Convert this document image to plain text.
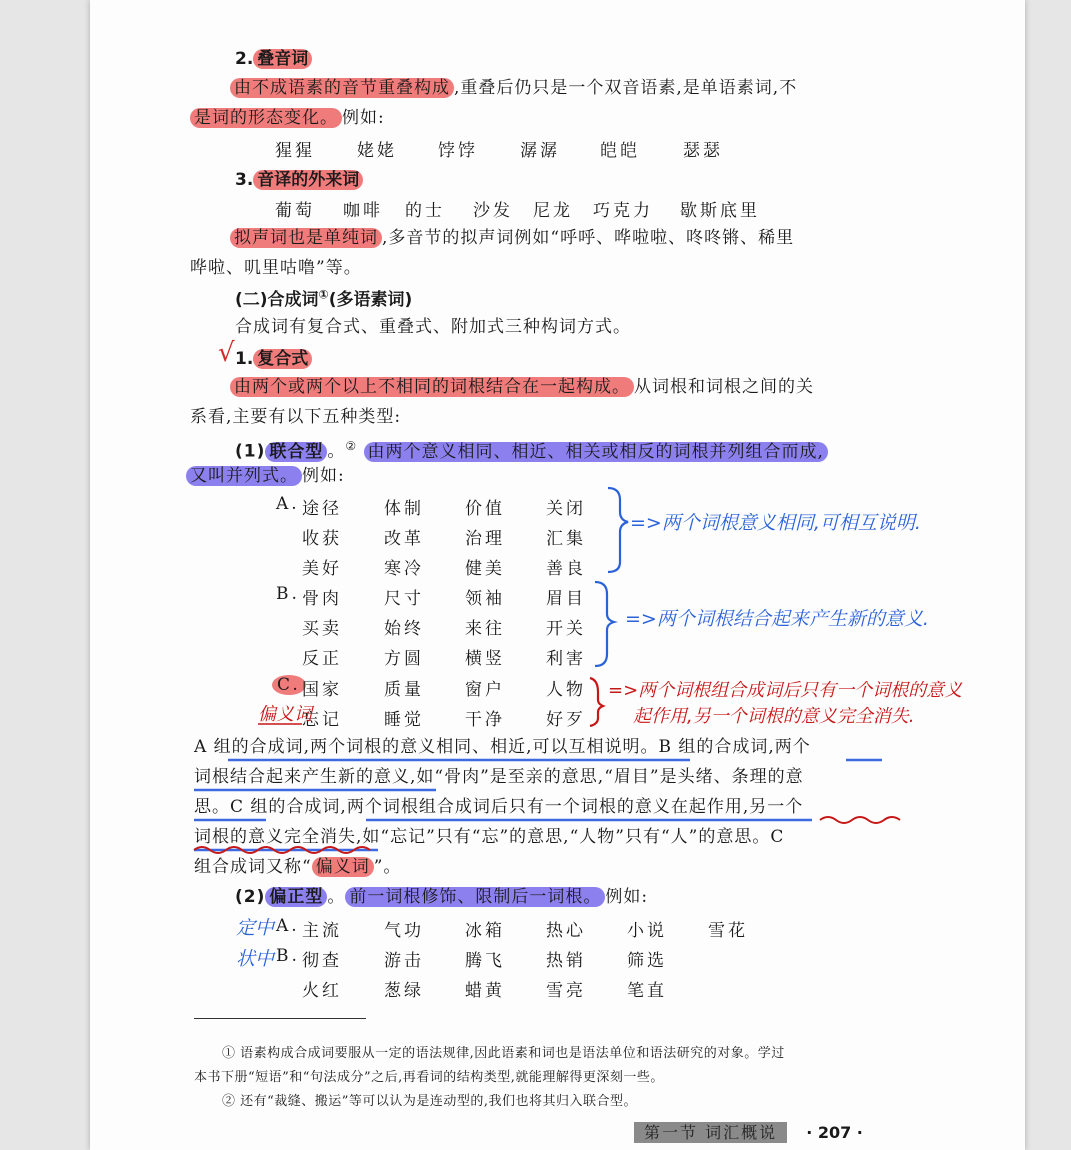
2. 叠音词
由不成语素的音节重叠构成 ,重叠后仍只是一个双音语素,是单语素词,不
是词的形态变化。 例如:
猩猩 姥姥 饽饽 潺潺 皑皑	瑟瑟
3. 音译的外来词
葡萄 咖啡 的士 沙发 尼龙 巧克力 歇斯底里
拟声词也是单纯词 ,多音节的拟声词例如“呼呼、哗啦啦、咚咚锵、稀里
哗啦、叽里咕噜”等。
(二)合成词①(多语素词)
合成词有复合式、重叠式、附加式三种构词方式。
√ 1. 复合式
由两个或两个以上不相同的词根结合在一起构成。 从词根和词根之间的关
系看,主要有以下五种类型:
(1) 联合型 。② 由两个意义相同、相近、相关或相反的词根并列组合而成,
又叫并列式。 例如:
A. 途径 体制 价值 关闭
收获 改革 治理 汇集
美好 寒冷 健美 善良
B. 骨肉 尺寸 领袖 眉目
买卖 始终 来往 开关
反正 方圆 横竖 利害
C. 国家 质量 窗户 人物
忘记 睡觉 干净 好歹
偏义词
=>两个词根意义相同,可相互说明.
=>两个词根结合起来产生新的意义.
=>两个词根组合成词后只有一个词根的意义
起作用,另一个词根的意义完全消失.
A 组的合成词,两个词根的意义相同、相近,可以互相说明。B 组的合成词,两个
词根结合起来产生新的意义,如“骨肉”是至亲的意思,“眉目”是头绪、条理的意
思。C 组的合成词,两个词根组合成词后只有一个词根的意义在起作用,另一个
词根的意义完全消失,如“忘记”只有“忘”的意思,“人物”只有“人”的意思。C
组合成词又称“ 偏义词 ”。
(2) 偏正型 。 前一词根修饰、限制后一词根。 例如:
定中
状中
A. 主流 气功 冰箱 热心 小说 雪花
B. 彻查 游击 腾飞 热销 筛选
火红 葱绿 蜡黄 雪亮 笔直
① 语素构成合成词要服从一定的语法规律,因此语素和词也是语法单位和语法研究的对象。学过
本书下册“短语”和“句法成分”之后,再看词的结构类型,就能理解得更深刻一些。
② 还有“裁缝、搬运”等可以认为是连动型的,我们也将其归入联合型。
第一节 词汇概说 · 207 ·
